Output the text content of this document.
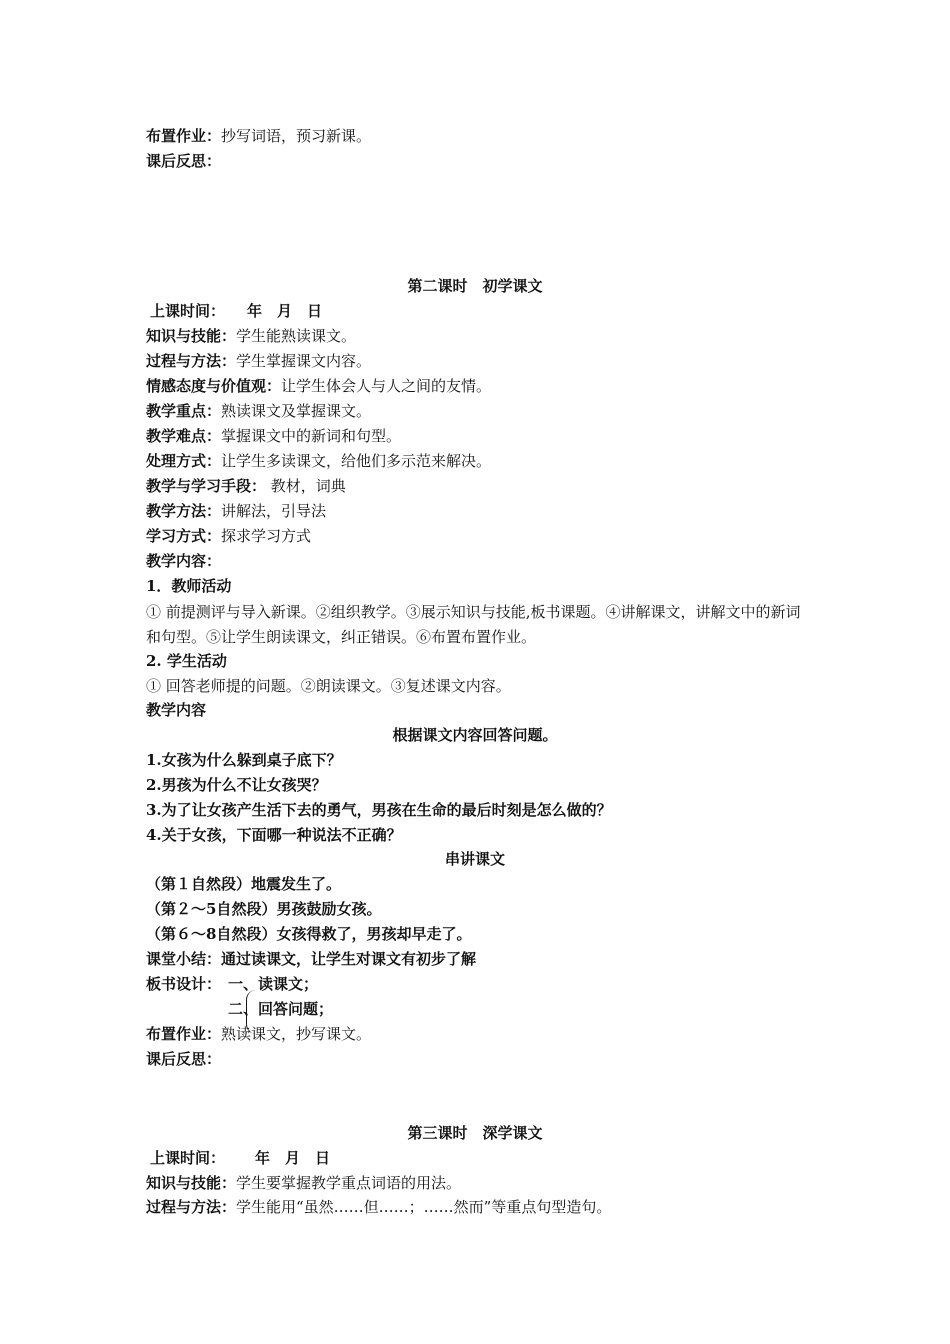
布置作业：抄写词语，预习新课。
课后反思：
第二课时　初学课文
上课时间： 年　月　日
知识与技能：学生能熟读课文。
过程与方法：学生掌握课文内容。
情感态度与价值观：让学生体会人与人之间的友情。
教学重点：熟读课文及掌握课文。
教学难点：掌握课文中的新词和句型。
处理方式：让学生多读课文，给他们多示范来解决。
教学与学习手段： 教材，词典
教学方法：讲解法，引导法
学习方式：探求学习方式
教学内容：
1．教师活动
① 前提测评与导入新课。②组织教学。③展示知识与技能,板书课题。④讲解课文，讲解文中的新词和句型。⑤让学生朗读课文，纠正错误。⑥布置布置作业。
2. 学生活动
① 回答老师提的问题。②朗读课文。③复述课文内容。
教学内容
根据课文内容回答问题。
1.女孩为什么躲到桌子底下？
2.男孩为什么不让女孩哭？
3.为了让女孩产生活下去的勇气，男孩在生命的最后时刻是怎么做的？
4.关于女孩，下面哪一种说法不正确？
串讲课文
（第１自然段）地震发生了。
（第２～5自然段）男孩鼓励女孩。
（第６～8自然段）女孩得救了，男孩却早走了。
课堂小结：通过读课文，让学生对课文有初步了解
板书设计： 一、读课文；
二、回答问题；
布置作业：熟读课文，抄写课文。
课后反思：
第三课时　深学课文
上课时间： 年　月　日
知识与技能：学生要掌握教学重点词语的用法。
过程与方法：学生能用“虽然……但……；……然而”等重点句型造句。
